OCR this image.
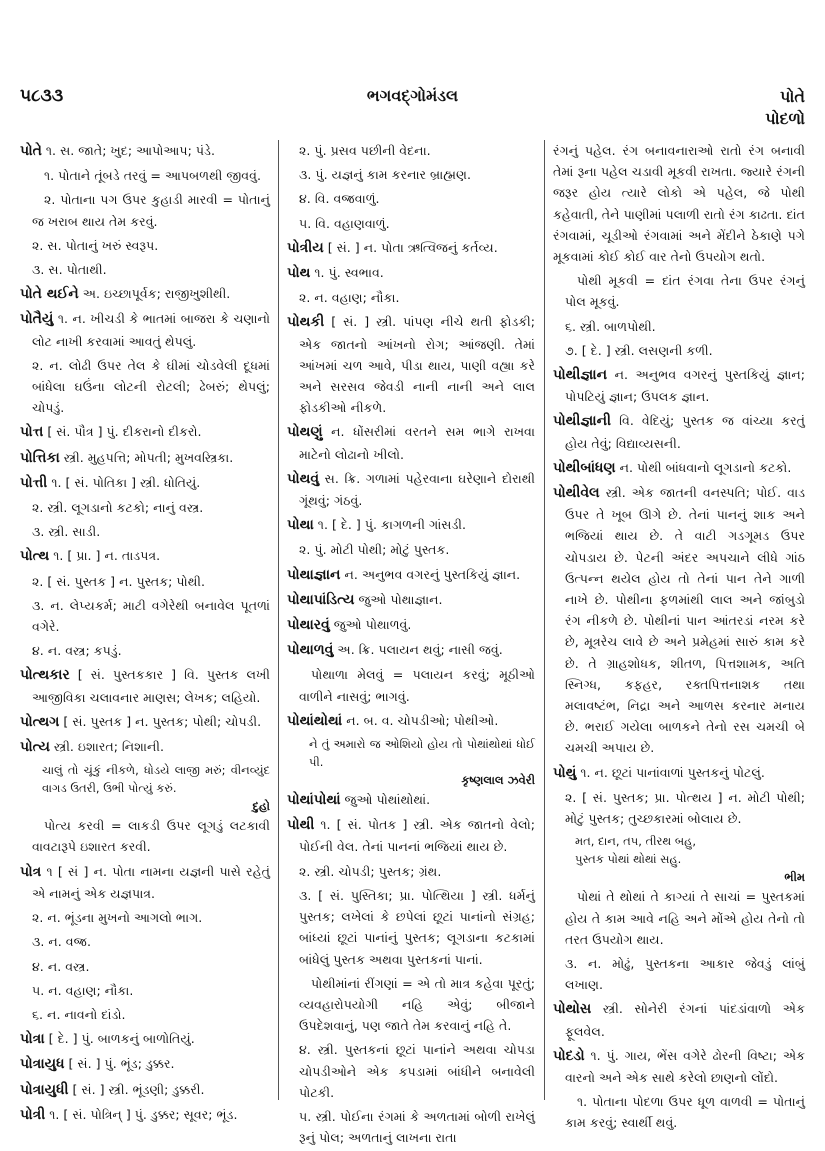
૫૮૩૩	ભગવદ્ગોમંડલ	પોતે
પોદળો
પોતે ૧. સ. જાતે; ખુદ; આપોઆપ; પંડે.
૧. પોતાને તૂંબડે તરવું = આપબળથી જીવવું.
૨. પોતાના પગ ઉપર કુહાડી મારવી = પોતાનું જ ખરાબ થાય તેમ કરવું.
૨. સ. પોતાનું ખરું સ્વરૂપ.
૩. સ. પોતાથી.
પોતે થઈને અ. ઇચ્છાપૂર્વક; રાજીખુશીથી.
પોતૈયું ૧. ન. ખીચડી કે ભાતમાં બાજરા કે ચણાનો લોટ નાખી કરવામાં આવતું થેપલું.
૨. ન. લોઢી ઉપર તેલ કે ઘીમાં ચોડવેલી દૂધમાં બાંધેલા ઘઉંના લોટની રોટલી; ઢેબરું; થેપલું; ચોપડું.
પોત્ત [ સં. પૌત્ર ] પું. દીકરાનો દીકરો.
પોત્તિકા સ્ત્રી. મુહપત્તિ; મોપતી; મુખવસ્ત્રિકા.
પોત્તી ૧. [ સં. પોતિકા ] સ્ત્રી. ધોતિયું.
૨. સ્ત્રી. લૂગડાનો કટકો; નાનું વસ્ત્ર.
૩. સ્ત્રી. સાડી.
પોત્થ ૧. [ પ્રા. ] ન. તાડપત્ર.
૨. [ સં. પુસ્તક ] ન. પુસ્તક; પોથી.
૩. ન. લેપ્યકર્મ; માટી વગેરેથી બનાવેલ પૂતળાં વગેરે.
૪. ન. વસ્ત્ર; કપડું.
પોત્થકાર [ સં. પુસ્તકકાર ] વિ. પુસ્તક લખી આજીવિકા ચલાવનાર માણસ; લેખક; લહિયો.
પોત્થગ [ સં. પુસ્તક ] ન. પુસ્તક; પોથી; ચોપડી.
પોત્ય સ્ત્રી. ઇશારત; નિશાની.
ચાલું તો ચૂંકું નીકળે, ધોડયે લાજી મરું; વીનવ્યુંદ વાગડ ઉતરી, ઉભી પોત્યું કરું.
દુહો
પોત્ય કરવી = લાકડી ઉપર લૂગડું લટકાવી વાવટારૂપે ઇશારત કરવી.
પોત્ર ૧ [ સં ] ન. પોતા નામના યજ્ઞની પાસે રહેતું એ નામનું એક યજ્ઞપાત્ર.
૨. ન. ભૂંડના મુખનો આગલો ભાગ.
૩. ન. વજ્ર.
૪. ન. વસ્ત્ર.
૫. ન. વહાણ; નૌકા.
૬. ન. નાવનો દાંડો.
પોત્રા [ દે. ] પું. બાળકનું બાળોતિયું.
પોત્રાયુધ [ સં. ] પું. ભૂંડ; ડુક્કર.
પોત્રાયુધી [ સં. ] સ્ત્રી. ભૂંડણી; ડુક્કરી.
પોત્રી ૧. [ સં. પોત્રિન્ ] પું. ડુક્કર; સૂવર; ભૂંડ.
૨. પું. પ્રસવ પછીની વેદના.
૩. પું. યજ્ઞનું કામ કરનાર બ્રાહ્મણ.
૪. વિ. વજ્રવાળું.
૫. વિ. વહાણવાળું.
પોત્રીય [ સં. ] ન. પોતા ઋત્વિજનું કર્તવ્ય.
પોથ ૧. પું. સ્વભાવ.
૨. ન. વહાણ; નૌકા.
પોથકી [ સં. ] સ્ત્રી. પાંપણ નીચે થતી ફોડકી; એક જાતનો આંખનો રોગ; આંજણી. તેમાં આંખમાં ચળ આવે, પીડા થાય, પાણી વહ્યા કરે અને સરસવ જેવડી નાની નાની અને લાલ ફોડકીઓ નીકળે.
પોથણું ન. ધોંસરીમાં વરતને સમ ભાગે રાખવા માટેનો લોઢાનો ખીલો.
પોથવું સ. ક્રિ. ગળામાં પહેરવાના ઘરેણાને દોરાથી ગૂંથવું; ગંઠવું.
પોથા ૧. [ દે. ] પું. કાગળની ગાંસડી.
૨. પું. મોટી પોથી; મોટું પુસ્તક.
પોથાજ્ઞાન ન. અનુભવ વગરનું પુસ્તકિયું જ્ઞાન.
પોથાપાંડિત્ય જુઓ પોથાજ્ઞાન.
પોથારવું જુઓ પોથાળવું.
પોથાળવું અ. ક્રિ. પલાયન થવું; નાસી જવું.
પોથાળા મેલવું = પલાયન કરવું; મૂઠીઓ વાળીને નાસવું; ભાગવું.
પોથાંથોથાં ન. બ. વ. ચોપડીઓ; પોથીઓ.
ને તું અમારો જ ઓશિયો હોય તો પોથાંથોથાં ધોઈ પી.
કૃષ્ણલાલ ઝવેરી
પોથાંપોથાં જુઓ પોથાંથોથાં.
પોથી ૧. [ સં. પોતક ] સ્ત્રી. એક જાતનો વેલો; પોઈની વેલ. તેનાં પાનનાં ભજિયાં થાય છે.
૨. સ્ત્રી. ચોપડી; પુસ્તક; ગ્રંથ.
૩. [ સં. પુસ્તિકા; પ્રા. પોત્થિયા ] સ્ત્રી. ધર્મનું પુસ્તક; લખેલાં કે છપેલાં છૂટાં પાનાંનો સંગ્રહ; બાંધ્યાં છૂટાં પાનાંનું પુસ્તક; લૂગડાના કટકામાં બાંધેલું પુસ્તક અથવા પુસ્તકનાં પાનાં.
પોથીમાંનાં રીંગણાં = એ તો માત્ર કહેવા પૂરતું; વ્યવહારોપયોગી નહિ એવું; બીજાને ઉપદેશવાનું, પણ જાતે તેમ કરવાનું નહિ તે.
૪. સ્ત્રી. પુસ્તકનાં છૂટાં પાનાંને અથવા ચોપડા ચોપડીઓને એક કપડામાં બાંધીને બનાવેલી પોટકી.
૫. સ્ત્રી. પોઈના રંગમાં કે અળતામાં બોળી રાખેલું રૂનું પોલ; અળતાનું લાખના રાતા
રંગનું પહેલ. રંગ બનાવનારાઓ રાતો રંગ બનાવી તેમાં રૂના પહેલ ચડાવી મૂકવી રાખતા. જ્યારે રંગની જરૂર હોય ત્યારે લોકો એ પહેલ, જે પોથી કહેવાતી, તેને પાણીમાં પલાળી રાતો રંગ કાઢતા. દાંત રંગવામાં, ચૂડીઓ રંગવામાં અને મેંદીને ઠેકાણે પગે મૂકવામાં કોઈ કોઈ વાર તેનો ઉપયોગ થતો.
પોથી મૂકવી = દાંત રંગવા તેના ઉપર રંગનું પોલ મૂકવું.
૬. સ્ત્રી. બાળપોથી.
૭. [ દે. ] સ્ત્રી. લસણની કળી.
પોથીજ્ઞાન ન. અનુભવ વગરનું પુસ્તકિયું જ્ઞાન; પોપટિયું જ્ઞાન; ઉપલક જ્ઞાન.
પોથીજ્ઞાની વિ. વેદિયું; પુસ્તક જ વાંચ્યા કરતું હોય તેવું; વિદ્યાવ્યસની.
પોથીબાંધણ ન. પોથી બાંધવાનો લૂગડાનો કટકો.
પોથીવેલ સ્ત્રી. એક જાતની વનસ્પતિ; પોઈ. વાડ ઉપર તે ખૂબ ઊગે છે. તેનાં પાનનું શાક અને ભજિયાં થાય છે. તે વાટી ગડગૂમડ ઉપર ચોપડાય છે. પેટની અંદર અપચાને લીધે ગાંઠ ઉત્પન્ન થયેલ હોય તો તેનાં પાન તેને ગાળી નાખે છે. પોથીના ફળમાંથી લાલ અને જાંબુડો રંગ નીકળે છે. પોથીનાં પાન આંતરડાં નરમ કરે છે, મૂત્રરેચ લાવે છે અને પ્રમેહમાં સારું કામ કરે છે. તે ગ્રાહશોધક, શીતળ, પિત્તશામક, અતિ સ્નિગ્ધ, કફહર, રક્તપિત્તનાશક તથા મલાવષ્ટંભ, નિદ્રા અને આળસ કરનાર મનાય છે. ભરાઈ ગયેલા બાળકને તેનો રસ ચમચી બે ચમચી અપાય છે.
પોથું ૧. ન. છૂટાં પાનાંવાળાં પુસ્તકનું પોટલું.
૨. [ સં. પુસ્તક; પ્રા. પોત્થય ] ન. મોટી પોથી; મોટું પુસ્તક; તુચ્છકારમાં બોલાય છે.
મત, દાન, તપ, તીરથ બહુ,
પુસ્તક પોથાં થોથાં સહુ.
ભીમ
પોથાં તે થોથાં તે કાગ્યાં તે સાચાં = પુસ્તકમાં હોય તે કામ આવે નહિ અને મોંએ હોય તેનો તો તરત ઉપયોગ થાય.
૩. ન. મોઢું, પુસ્તકના આકાર જેવડું લાંબું લખાણ.
પોથોસ સ્ત્રી. સોનેરી રંગનાં પાંદડાંવાળો એક ફૂલવેલ.
પોદડો ૧. પું. ગાય, ભેંસ વગેરે ઢોરની વિષ્ટા; એક વારનો અને એક સાથે કરેલો છાણનો લોંદો.
૧. પોતાના પોદળા ઉપર ધૂળ વાળવી = પોતાનું કામ કરવું; સ્વાર્થી થવું.
